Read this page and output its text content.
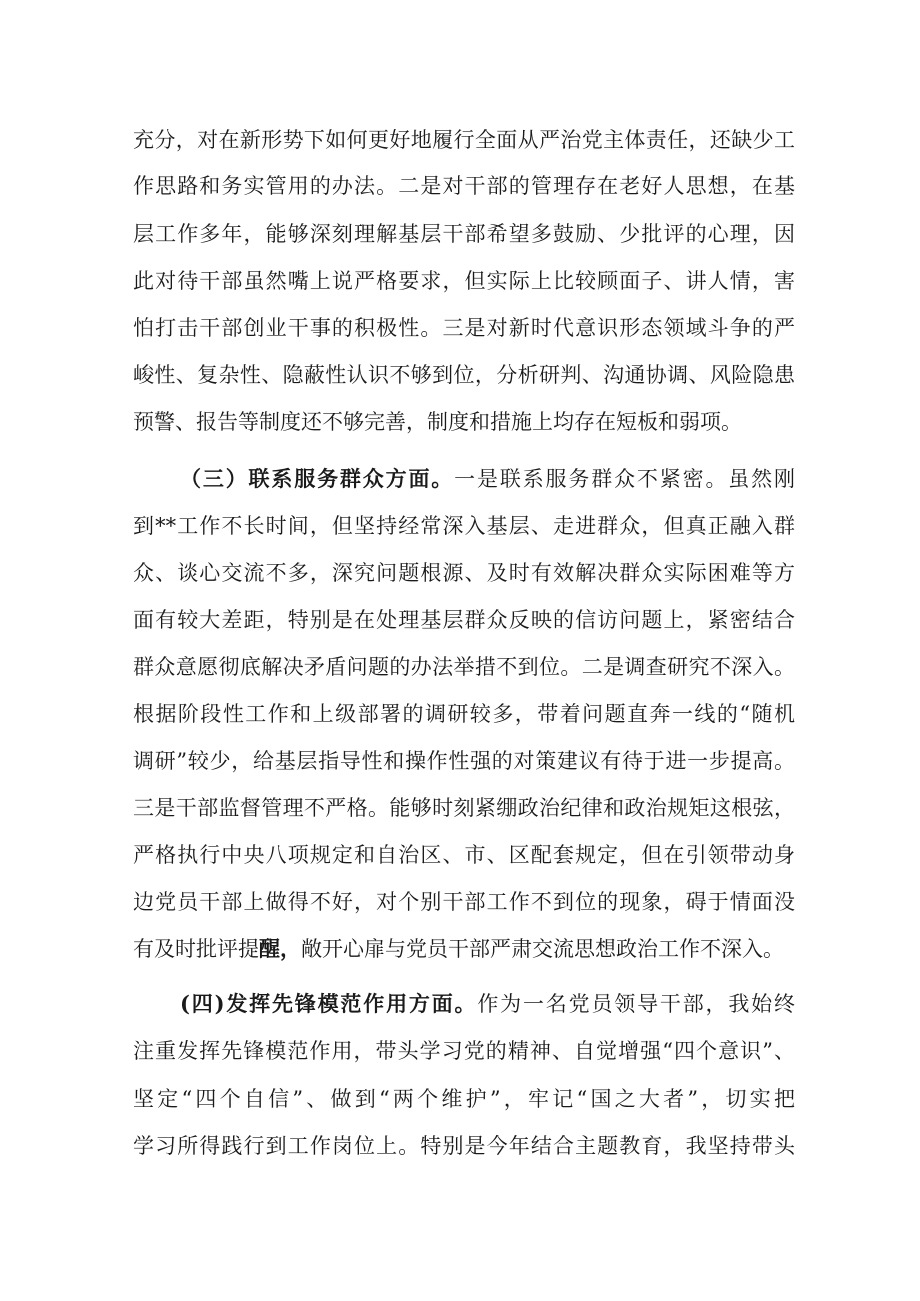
充分，对在新形势下如何更好地履行全面从严治党主体责任，还缺少工
作思路和务实管用的办法。二是对干部的管理存在老好人思想，在基
层工作多年，能够深刻理解基层干部希望多鼓励、少批评的心理，因
此对待干部虽然嘴上说严格要求，但实际上比较顾面子、讲人情，害
怕打击干部创业干事的积极性。三是对新时代意识形态领域斗争的严
峻性、复杂性、隐蔽性认识不够到位，分析研判、沟通协调、风险隐患
预警、报告等制度还不够完善，制度和措施上均存在短板和弱项。
（三）联系服务群众方面。一是联系服务群众不紧密。虽然刚
到**工作不长时间，但坚持经常深入基层、走进群众，但真正融入群
众、谈心交流不多，深究问题根源、及时有效解决群众实际困难等方
面有较大差距，特别是在处理基层群众反映的信访问题上，紧密结合
群众意愿彻底解决矛盾问题的办法举措不到位。二是调查研究不深入。
根据阶段性工作和上级部署的调研较多，带着问题直奔一线的“随机
调研”较少，给基层指导性和操作性强的对策建议有待于进一步提高。
三是干部监督管理不严格。能够时刻紧绷政治纪律和政治规矩这根弦，
严格执行中央八项规定和自治区、市、区配套规定，但在引领带动身
边党员干部上做得不好，对个别干部工作不到位的现象，碍于情面没
有及时批评提醒，敞开心扉与党员干部严肃交流思想政治工作不深入。
(四)发挥先锋模范作用方面。作为一名党员领导干部，我始终
注重发挥先锋模范作用，带头学习党的精神、自觉增强“四个意识”、
坚定“四个自信”、做到“两个维护”，牢记“国之大者”，切实把
学习所得践行到工作岗位上。特别是今年结合主题教育，我坚持带头
